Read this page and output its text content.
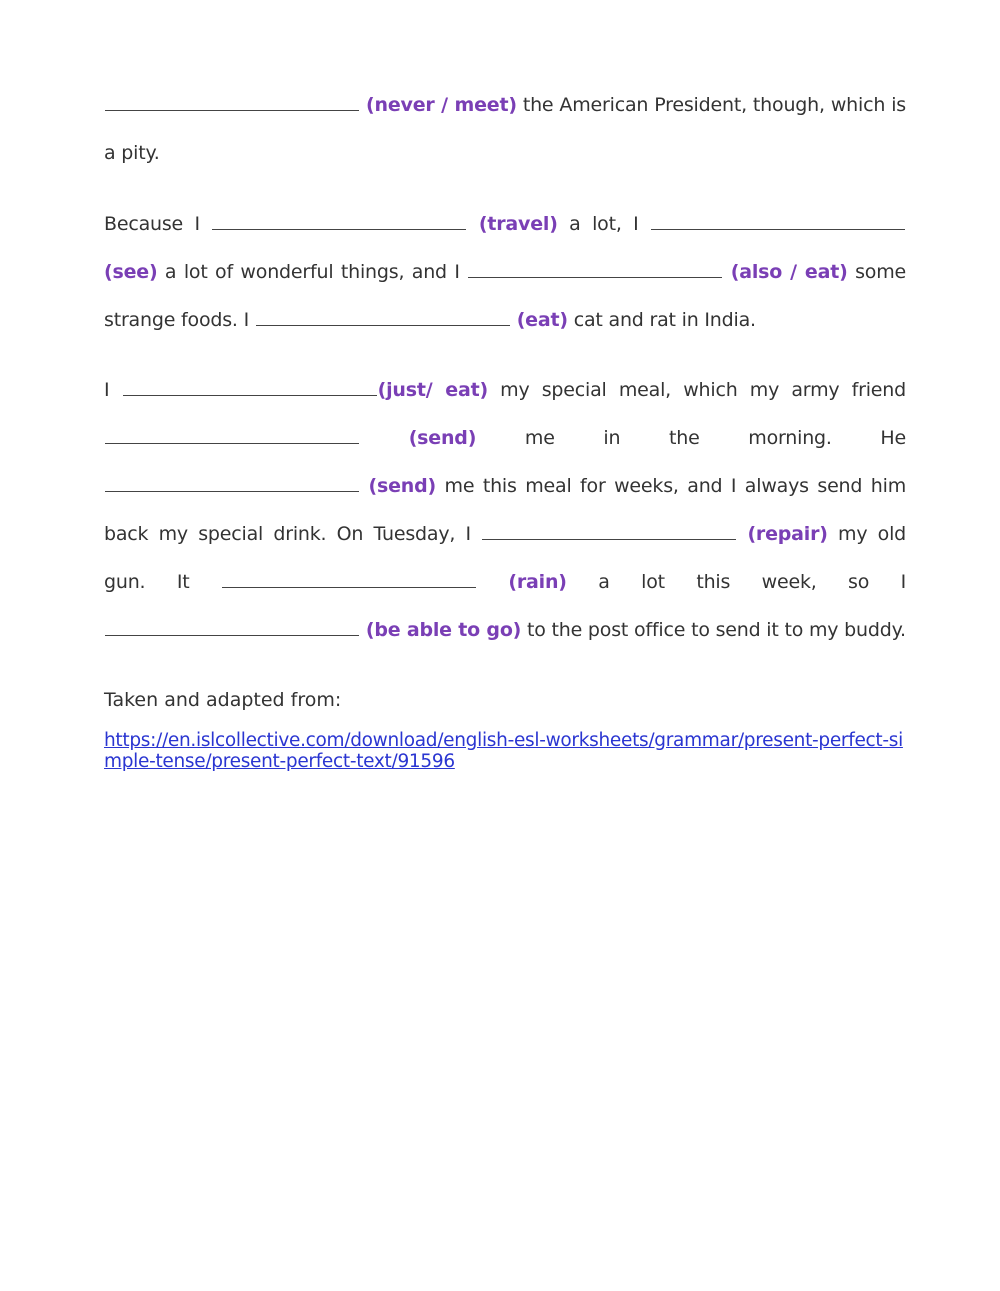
(never / meet) the American President, though, which is a pity.

Because I	(travel) a lot, I  (see) a lot of wonderful things, and I	(also / eat) some strange foods. I	(eat) cat and rat in India.

I	(just/ eat) my special meal, which my army friend  (send)	me in the morning. He  (send) me this meal for weeks, and I always send him back my special drink. On Tuesday, I	(repair) my old gun. It	(rain) a lot this week, so I  (be able to go) to the post office to send it to my buddy.

Taken and adapted from:

https://en.islcollective.com/download/english-esl-worksheets/grammar/present-perfect-simple-tense/present-perfect-text/91596
